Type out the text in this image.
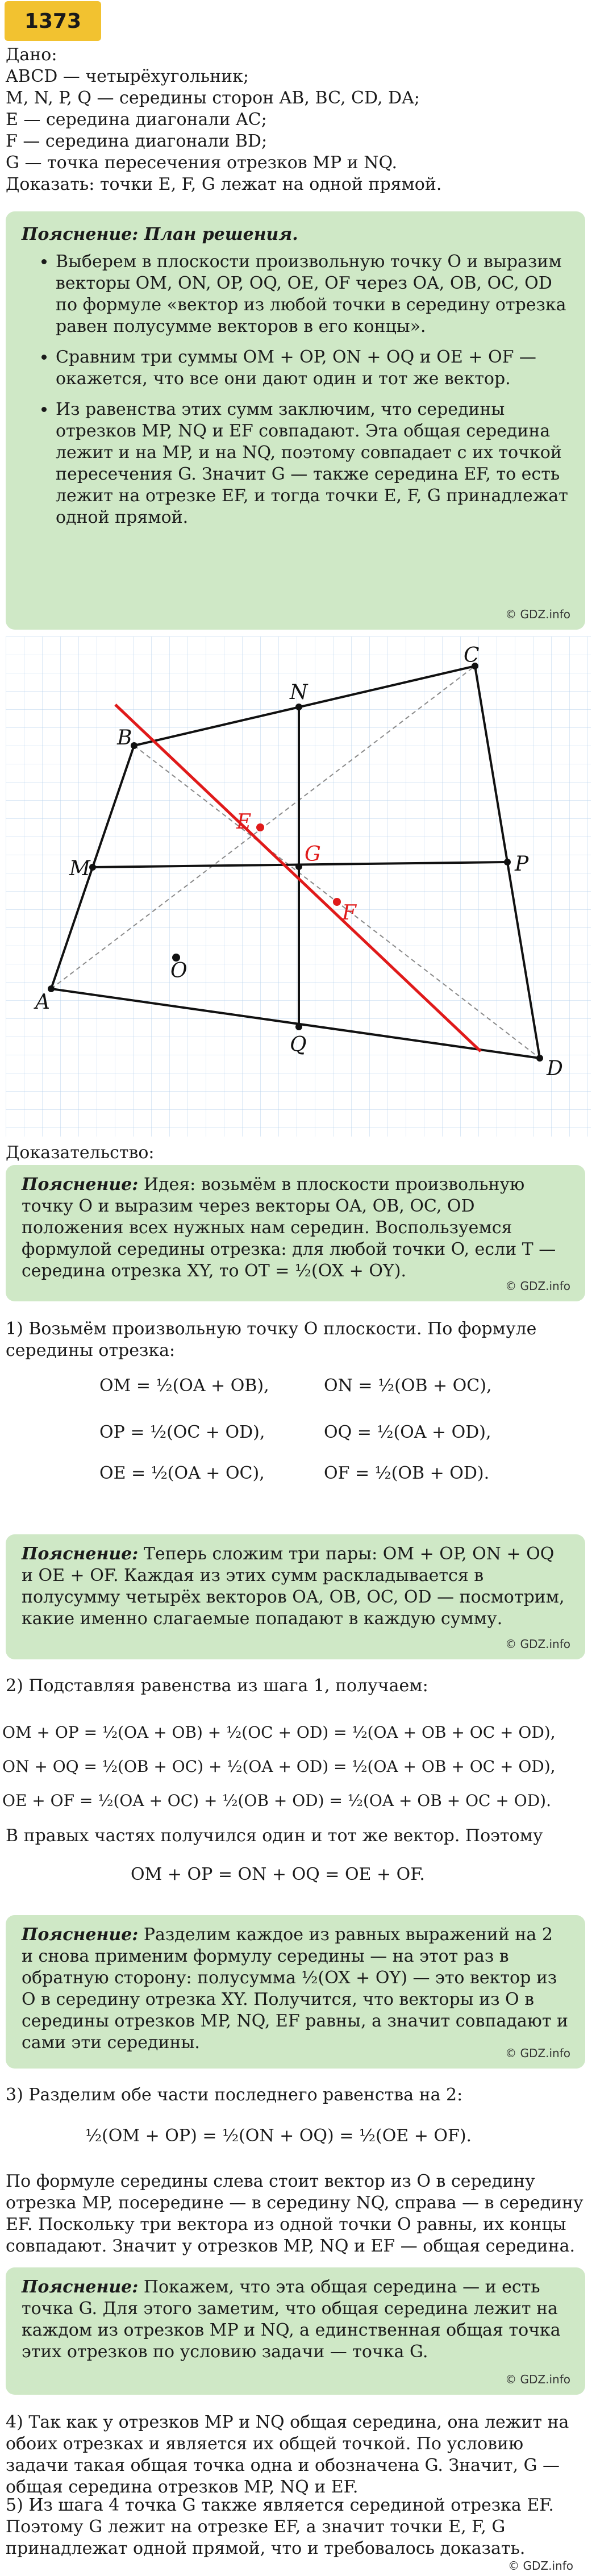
1373
Дано:
ABCD — четырёхугольник;
M, N, P, Q — середины сторон AB, BC, CD, DA;
E — середина диагонали AC;
F — середина диагонали BD;
G — точка пересечения отрезков MP и NQ.
Доказать: точки E, F, G лежат на одной прямой.
Пояснение: План решения.
• Выберем в плоскости произвольную точку O и выразим векторы OM, ON, OP, OQ, OE, OF через OA, OB, OC, OD по формуле «вектор из любой точки в середину отрезка равен полусумме векторов в его концы».
• Сравним три суммы OM + OP, ON + OQ и OE + OF — окажется, что все они дают один и тот же вектор.
• Из равенства этих сумм заключим, что середины отрезков MP, NQ и EF совпадают. Эта общая середина лежит и на MP, и на NQ, поэтому совпадает с их точкой пересечения G. Значит G — также середина EF, то есть лежит на отрезке EF, и тогда точки E, F, G принадлежат одной прямой.
© GDZ.info
A
B
C
D
M
N
P
Q
O
E
F
G
Доказательство:
Пояснение: Идея: возьмём в плоскости произвольную точку O и выразим через векторы OA, OB, OC, OD положения всех нужных нам середин. Воспользуемся формулой середины отрезка: для любой точки O, если T — середина отрезка XY, то OT = ½(OX + OY).
© GDZ.info
1) Возьмём произвольную точку O плоскости. По формуле середины отрезка:
OM = ½(OA + OB),	ON = ½(OB + OC),
OP = ½(OC + OD),	OQ = ½(OA + OD),
OE = ½(OA + OC),	OF = ½(OB + OD).
Пояснение: Теперь сложим три пары: OM + OP, ON + OQ и OE + OF. Каждая из этих сумм раскладывается в полусумму четырёх векторов OA, OB, OC, OD — посмотрим, какие именно слагаемые попадают в каждую сумму.
© GDZ.info
2) Подставляя равенства из шага 1, получаем:
OM + OP = ½(OA + OB) + ½(OC + OD) = ½(OA + OB + OC + OD),
ON + OQ = ½(OB + OC) + ½(OA + OD) = ½(OA + OB + OC + OD),
OE + OF = ½(OA + OC) + ½(OB + OD) = ½(OA + OB + OC + OD).
В правых частях получился один и тот же вектор. Поэтому
OM + OP = ON + OQ = OE + OF.
Пояснение: Разделим каждое из равных выражений на 2 и снова применим формулу середины — на этот раз в обратную сторону: полусумма ½(OX + OY) — это вектор из O в середину отрезка XY. Получится, что векторы из O в середины отрезков MP, NQ, EF равны, а значит совпадают и сами эти середины.
© GDZ.info
3) Разделим обе части последнего равенства на 2:
½(OM + OP) = ½(ON + OQ) = ½(OE + OF).
По формуле середины слева стоит вектор из O в середину отрезка MP, посередине — в середину NQ, справа — в середину EF. Поскольку три вектора из одной точки O равны, их концы совпадают. Значит у отрезков MP, NQ и EF — общая середина.
Пояснение: Покажем, что эта общая середина — и есть точка G. Для этого заметим, что общая середина лежит на каждом из отрезков MP и NQ, а единственная общая точка этих отрезков по условию задачи — точка G.
© GDZ.info
4) Так как у отрезков MP и NQ общая середина, она лежит на обоих отрезках и является их общей точкой. По условию задачи такая общая точка одна и обозначена G. Значит, G — общая середина отрезков MP, NQ и EF.
5) Из шага 4 точка G также является серединой отрезка EF. Поэтому G лежит на отрезке EF, а значит точки E, F, G принадлежат одной прямой, что и требовалось доказать.
© GDZ.info
